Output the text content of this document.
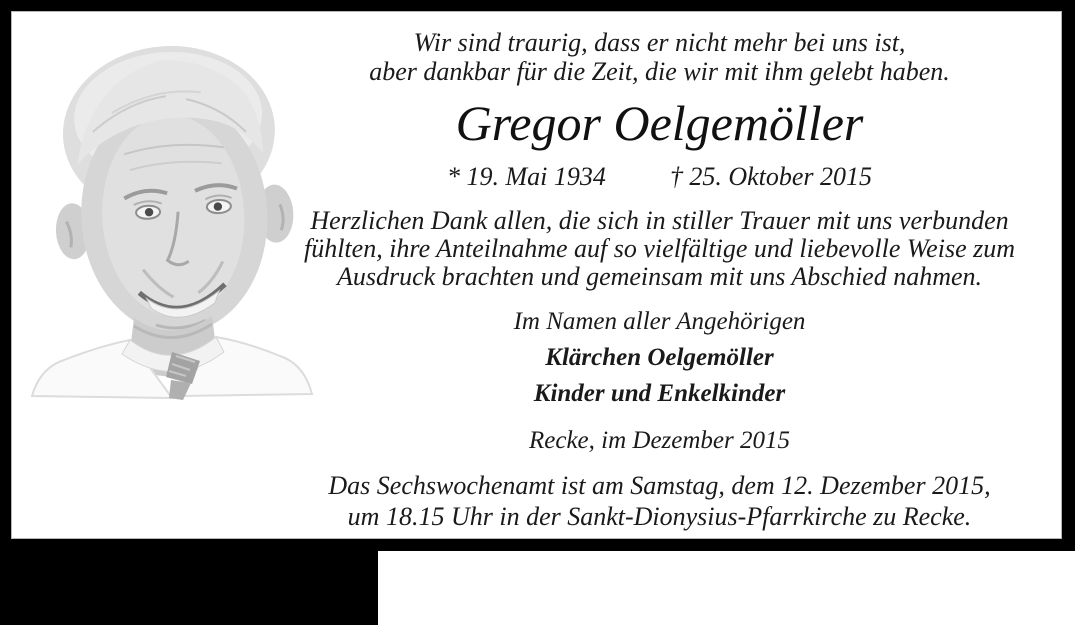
Wir sind traurig, dass er nicht mehr bei uns ist,
aber dankbar für die Zeit, die wir mit ihm gelebt haben.
Gregor Oelgemöller
* 19. Mai 1934 † 25. Oktober 2015
Herzlichen Dank allen, die sich in stiller Trauer mit uns verbunden
fühlten, ihre Anteilnahme auf so vielfältige und liebevolle Weise zum
Ausdruck brachten und gemeinsam mit uns Abschied nahmen.
Im Namen aller Angehörigen
Klärchen Oelgemöller
Kinder und Enkelkinder
Recke, im Dezember 2015
Das Sechswochenamt ist am Samstag, dem 12. Dezember 2015,
um 18.15 Uhr in der Sankt-Dionysius-Pfarrkirche zu Recke.
